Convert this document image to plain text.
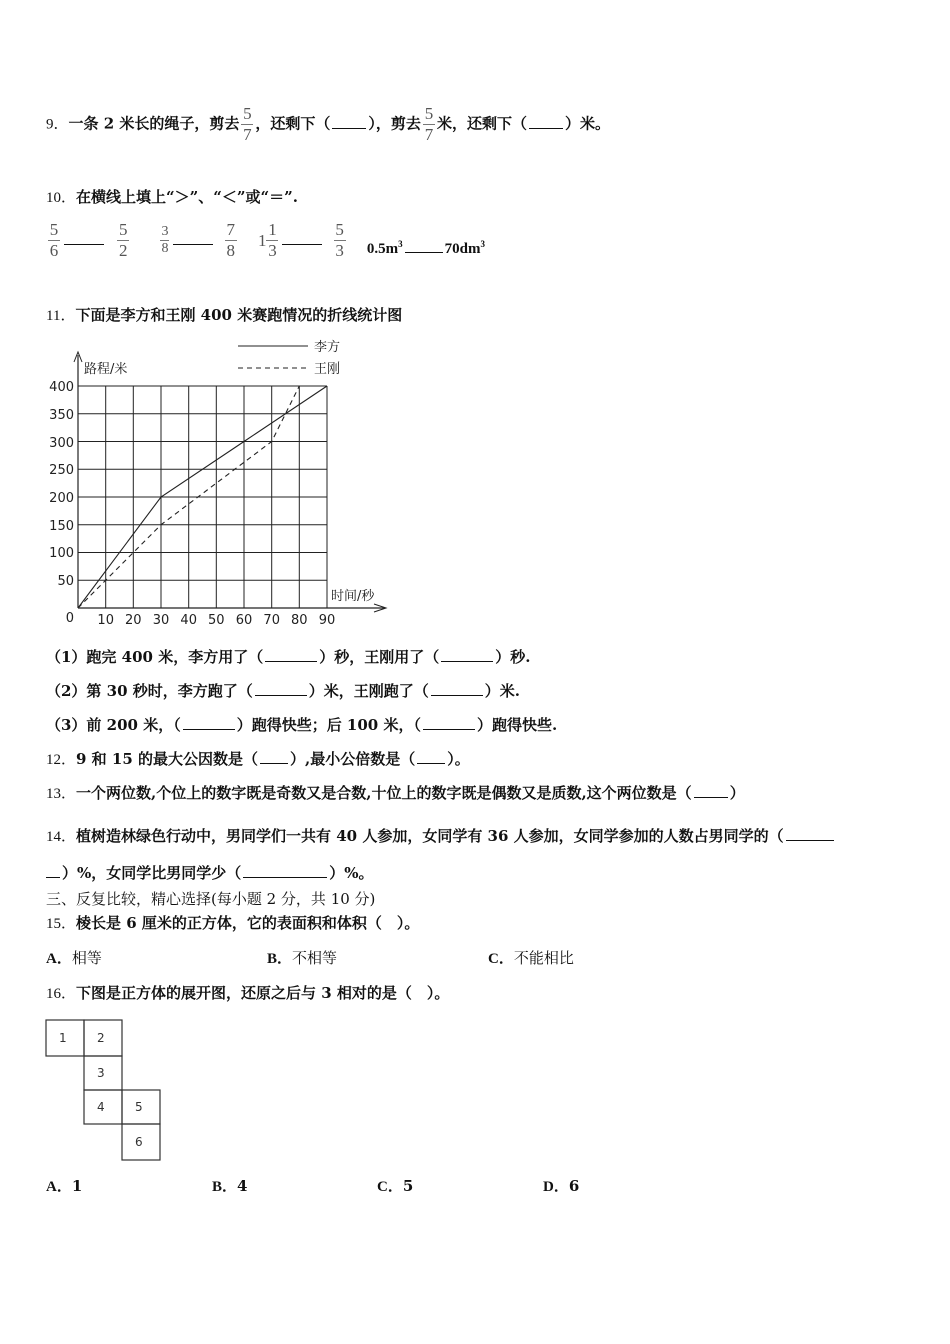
9．一条 2 米长的绳子，剪去 $\frac{5}{7}$ ，还剩下（	），剪去 $\frac{5}{7}$ 米，还剩下（	）米。
10．在横线上填上“＞”、“＜”或“＝”.
$\frac{5}{6}$
	$\frac{5}{2}$
$\frac{3}{8}$
	$\frac{7}{8} 1 \frac{1}{3}$
	$\frac{5}{3} 0.5m^3$	$70dm^3$
11．下面是李方和王刚 400 米赛跑情况的折线统计图
李方
王刚
路程/米
时间/秒
400
350
300
250
200
150
100
50
0 10 20 30 40 50 60 70 80 90
（1）跑完 400 米，李方用了（	）秒，王刚用了（	）秒.
（2）第 30 秒时，李方跑了（	）米，王刚跑了（	）米.
（3）前 200 米，（	）跑得快些；后 100 米，（	）跑得快些.
12．9 和 15 的最大公因数是（ ）,最小公倍数是（ ）。
13．一个两位数,个位上的数字既是奇数又是合数,十位上的数字既是偶数又是质数,这个两位数是（	）
14．植树造林绿色行动中，男同学们一共有 40 人参加，女同学有 36 人参加，女同学参加的人数占男同学的（
）%，女同学比男同学少（	）%。
三、反复比较，精心选择(每小题 2 分，共 10 分)
15．棱长是 6 厘米的正方体，它的表面积和体积（　）。
A．相等	B．不相等	C．不能相比
16．下图是正方体的展开图，还原之后与 3 相对的是（　）。
1	2
3
4	5
6
A．1	B．4	C．5	D．6
